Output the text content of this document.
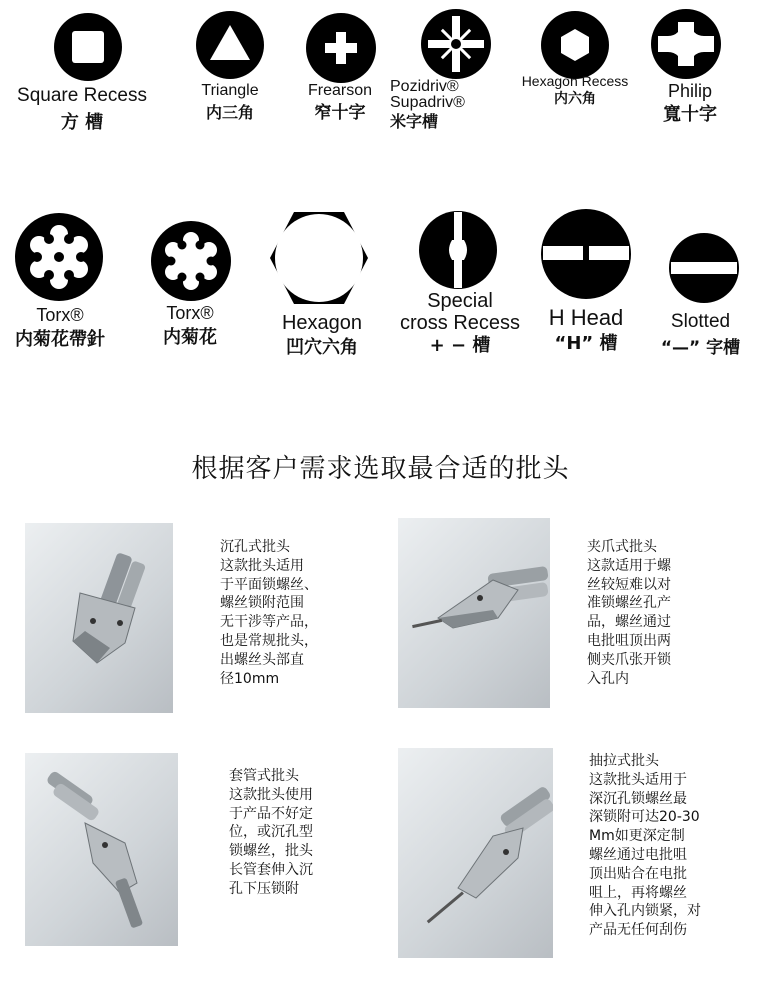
Square Recess
方 槽
Triangle
内三角
Frearson
窄十字
Pozidriv®
Supadriv®
米字槽
Hexagon Recess
内六角	Philip
寬十字
Torx®
内菊花帶針
Torx®
内菊花
Hexagon
凹穴六角
Special
cross Recess
+ − 槽
H Head
“H” 槽
Slotted
“—” 字槽
根据客户需求选取最合适的批头
沉孔式批头
这款批头适用
于平面锁螺丝、
螺丝锁附范围
无干涉等产品，
也是常规批头，
出螺丝头部直
径10mm
夹爪式批头
这款适用于螺
丝较短难以对
准锁螺丝孔产
品，螺丝通过
电批咀顶出两
侧夹爪张开锁
入孔内
套管式批头
这款批头使用
于产品不好定
位，或沉孔型
锁螺丝，批头
长管套伸入沉
孔下压锁附
抽拉式批头
这款批头适用于
深沉孔锁螺丝最
深锁附可达20-30
Mm如更深定制
螺丝通过电批咀
顶出贴合在电批
咀上，再将螺丝
伸入孔内锁紧，对
产品无任何刮伤
